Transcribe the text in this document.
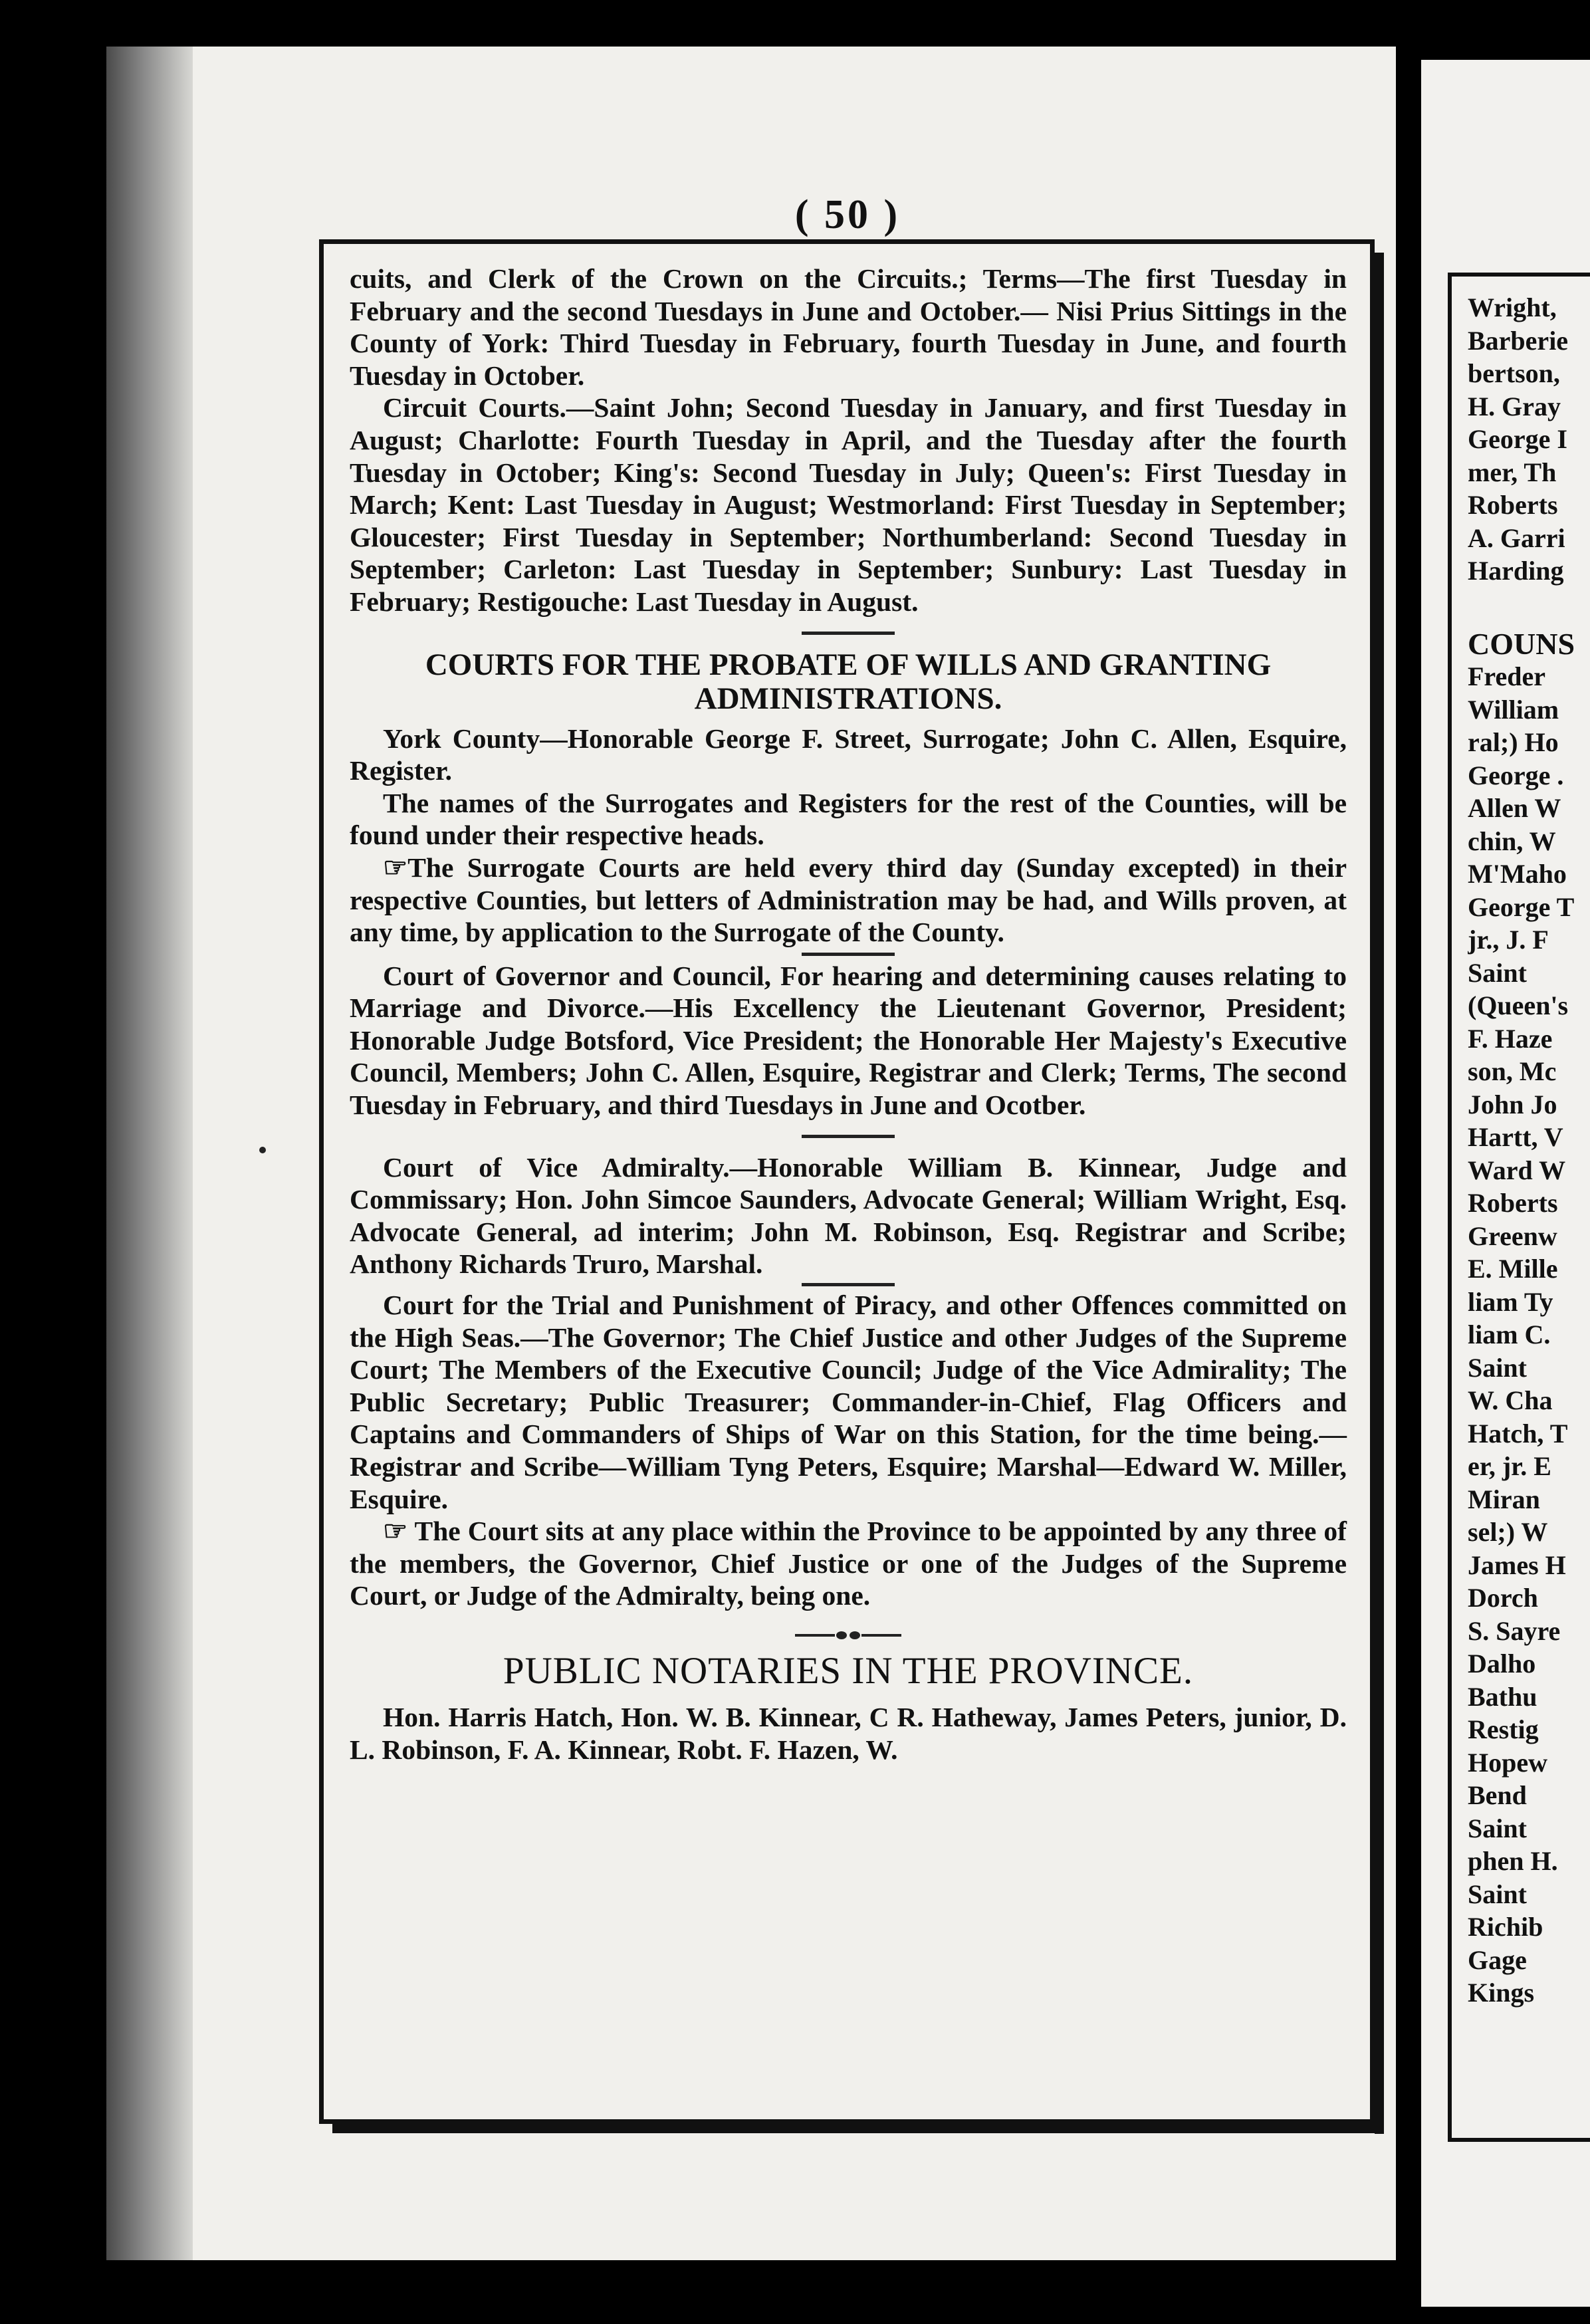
( 50 )

cuits, and Clerk of the Crown on the Circuits.; Terms—The first Tuesday in February and the second Tuesdays in June and October.— Nisi Prius Sittings in the County of York: Third Tuesday in February, fourth Tuesday in June, and fourth Tuesday in October.

Circuit Courts.—Saint John; Second Tuesday in January, and first Tuesday in August; Charlotte: Fourth Tuesday in April, and the Tuesday after the fourth Tuesday in October; King's: Second Tuesday in July; Queen's: First Tuesday in March; Kent: Last Tuesday in August; Westmorland: First Tuesday in September; Gloucester; First Tuesday in September; Northumberland: Second Tuesday in September; Carleton: Last Tuesday in September; Sunbury: Last Tuesday in February; Restigouche: Last Tuesday in August.

COURTS FOR THE PROBATE OF WILLS AND GRANTING ADMINISTRATIONS.

York County—Honorable George F. Street, Surrogate; John C. Allen, Esquire, Register.

The names of the Surrogates and Registers for the rest of the Counties, will be found under their respective heads.

☞The Surrogate Courts are held every third day (Sunday excepted) in their respective Counties, but letters of Administration may be had, and Wills proven, at any time, by application to the Surrogate of the County.

Court of Governor and Council, For hearing and determining causes relating to Marriage and Divorce.—His Excellency the Lieutenant Governor, President; Honorable Judge Botsford, Vice President; the Honorable Her Majesty's Executive Council, Members; John C. Allen, Esquire, Registrar and Clerk; Terms, The second Tuesday in February, and third Tuesdays in June and Ocotber.

Court of Vice Admiralty.—Honorable William B. Kinnear, Judge and Commissary; Hon. John Simcoe Saunders, Advocate General; William Wright, Esq. Advocate General, ad interim; John M. Robinson, Esq. Registrar and Scribe; Anthony Richards Truro, Marshal.

Court for the Trial and Punishment of Piracy, and other Offences committed on the High Seas.—The Governor; The Chief Justice and other Judges of the Supreme Court; The Members of the Executive Council; Judge of the Vice Admirality; The Public Secretary; Public Treasurer; Commander-in-Chief, Flag Officers and Captains and Commanders of Ships of War on this Station, for the time being.— Registrar and Scribe—William Tyng Peters, Esquire; Marshal—Edward W. Miller, Esquire.

☞ The Court sits at any place within the Province to be appointed by any three of the members, the Governor, Chief Justice or one of the Judges of the Supreme Court, or Judge of the Admiralty, being one.

PUBLIC NOTARIES IN THE PROVINCE.

Hon. Harris Hatch, Hon. W. B. Kinnear, C R. Hatheway, James Peters, junior, D. L. Robinson, F. A. Kinnear, Robt. F. Hazen, W.

Wright,
Barberie
bertson,
H. Gray
George I
mer, Th
Roberts
A. Garri
Harding
COUNS
Freder
William
ral;) Ho
George .
Allen W
chin, W
M'Maho
George T
jr., J. F
Saint
(Queen's
F. Haze
son, Mc
John Jo
Hartt, V
Ward W
Roberts
Greenw
E. Mille
liam Ty
liam C.
Saint
W. Cha
Hatch, T
er, jr. E
Miran
sel;) W
James H
Dorch
S. Sayre
Dalho
Bathu
Restig
Hopew
Bend
Saint
phen H.
Saint
Richib
Gage
Kings
